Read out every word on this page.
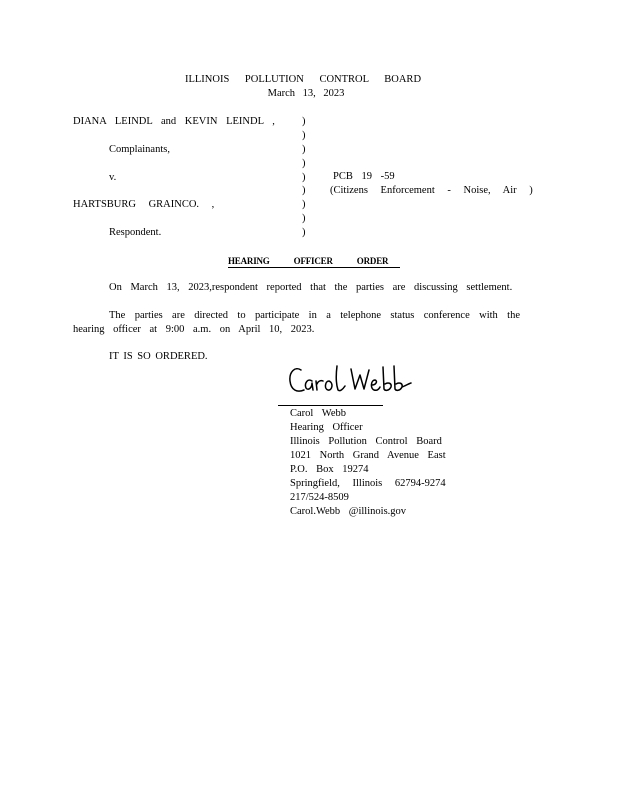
ILLINOIS POLLUTION CONTROL BOARD
March 13, 2023
DIANA LEINDL and KEVIN LEINDL ,
Complainants,
v.
HARTSBURG GRAINCO. ,
Respondent.
)
)
)
)
)
)
)
)
)
PCB 19 -59
(Citizens Enforcement - Noise, Air )
HEARING OFFICER ORDER
On March 13, 2023,respondent reported that the parties are discussing settlement.
The parties are directed to participate in a telephone status conference with the hearing officer at 9:00 a.m. on April 10, 2023.
IT IS SO ORDERED.
Carol Webb
Hearing Officer
Illinois Pollution Control Board
1021 North Grand Avenue East
P.O. Box 19274
Springfield, Illinois 62794-9274
217/524-8509
Carol.Webb @illinois.gov
